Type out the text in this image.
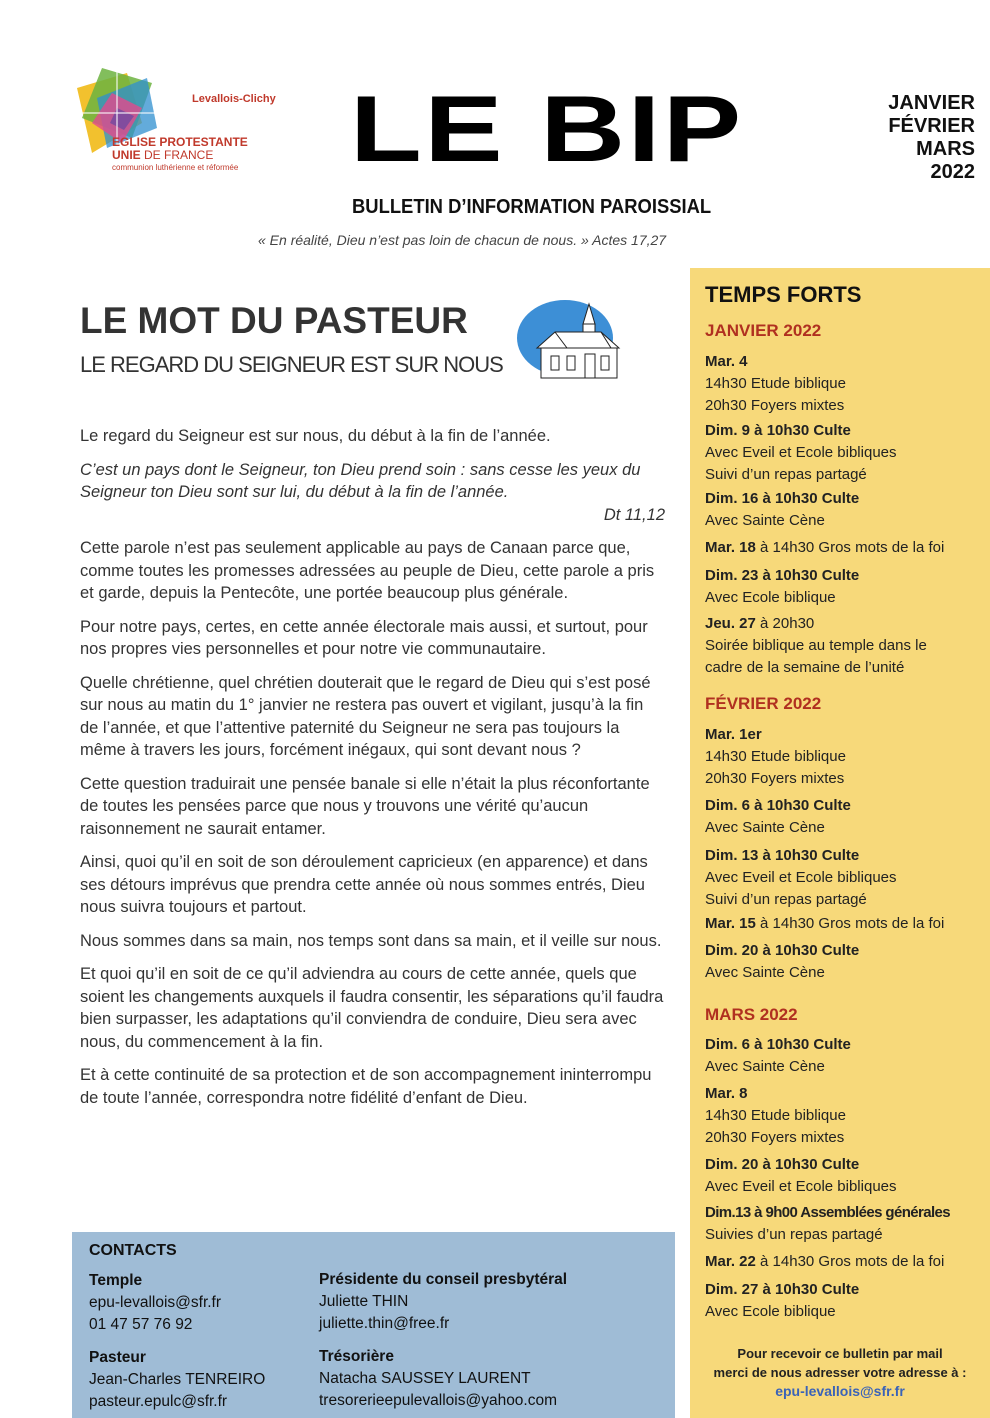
Levallois-Clichy
EGLISE PROTESTANTE
UNIE DE FRANCE
communion luthérienne et réformée LE BIP
BULLETIN D’INFORMATION PAROISSIAL
« En réalité, Dieu n’est pas loin de chacun de nous. » Actes 17,27
JANVIER
FÉVRIER
MARS
2022
LE MOT DU PASTEUR
LE REGARD DU SEIGNEUR EST SUR NOUS

Le regard du Seigneur est sur nous, du début à la fin de l’année.

C’est un pays dont le Seigneur, ton Dieu prend soin : sans cesse les yeux du Seigneur ton Dieu sont sur lui, du début à la fin de l’année.

Dt 11,12

Cette parole n’est pas seulement applicable au pays de Canaan parce que, comme toutes les promesses adressées au peuple de Dieu, cette parole a pris et garde, depuis la Pentecôte, une portée beaucoup plus générale.

Pour notre pays, certes, en cette année électorale mais aussi, et surtout, pour nos propres vies personnelles et pour notre vie communautaire.

Quelle chrétienne, quel chrétien douterait que le regard de Dieu qui s’est posé sur nous au matin du 1° janvier ne restera pas ouvert et vigilant, jusqu’à la fin de l’année, et que l’attentive paternité du Seigneur ne sera pas toujours la même à travers les jours, forcément inégaux, qui sont devant nous ?

Cette question traduirait une pensée banale si elle n’était la plus réconfortante de toutes les pensées parce que nous y trouvons une vérité qu’aucun raisonnement ne saurait entamer.

Ainsi, quoi qu’il en soit de son déroulement capricieux (en apparence) et dans ses détours imprévus que prendra cette année où nous sommes entrés, Dieu nous suivra toujours et partout.

Nous sommes dans sa main, nos temps sont dans sa main, et il veille sur nous.

Et quoi qu’il en soit de ce qu’il adviendra au cours de cette année, quels que soient les changements auxquels il faudra consentir, les séparations qu’il faudra bien surpasser, les adaptations qu’il conviendra de conduire, Dieu sera avec nous, du commencement à la fin.

Et à cette continuité de sa protection et de son accompagnement ininterrompu de toute l’année, correspondra notre fidélité d’enfant de Dieu.

TEMPS FORTS
JANVIER 2022
Mar. 4
14h30 Etude biblique
20h30 Foyers mixtes
Dim. 9 à 10h30 Culte
Avec Eveil et Ecole bibliques
Suivi d’un repas partagé
Dim. 16 à 10h30 Culte
Avec Sainte Cène
Mar. 18 à 14h30 Gros mots de la foi
Dim. 23 à 10h30 Culte
Avec Ecole biblique
Jeu. 27 à 20h30
Soirée biblique au temple dans le
cadre de la semaine de l’unité
FÉVRIER 2022
Mar. 1er
14h30 Etude biblique
20h30 Foyers mixtes
Dim. 6 à 10h30 Culte
Avec Sainte Cène
Dim. 13 à 10h30 Culte
Avec Eveil et Ecole bibliques
Suivi d’un repas partagé
Mar. 15 à 14h30 Gros mots de la foi
Dim. 20 à 10h30 Culte
Avec Sainte Cène
MARS 2022
Dim. 6 à 10h30 Culte
Avec Sainte Cène
Mar. 8
14h30 Etude biblique
20h30 Foyers mixtes
Dim. 20 à 10h30 Culte
Avec Eveil et Ecole bibliques
Dim.13 à 9h00 Assemblées générales
Suivies d’un repas partagé
Mar. 22 à 14h30 Gros mots de la foi
Dim. 27 à 10h30 Culte
Avec Ecole biblique
Pour recevoir ce bulletin par mail
merci de nous adresser votre adresse à :
epu-levallois@sfr.fr
CONTACTS
Temple
epu-levallois@sfr.fr
01 47 57 76 92
Pasteur
Jean-Charles TENREIRO
pasteur.epulc@sfr.fr
Présidente du conseil presbytéral
Juliette THIN
juliette.thin@free.fr
Trésorière
Natacha SAUSSEY LAURENT
tresorerieepulevallois@yahoo.com
